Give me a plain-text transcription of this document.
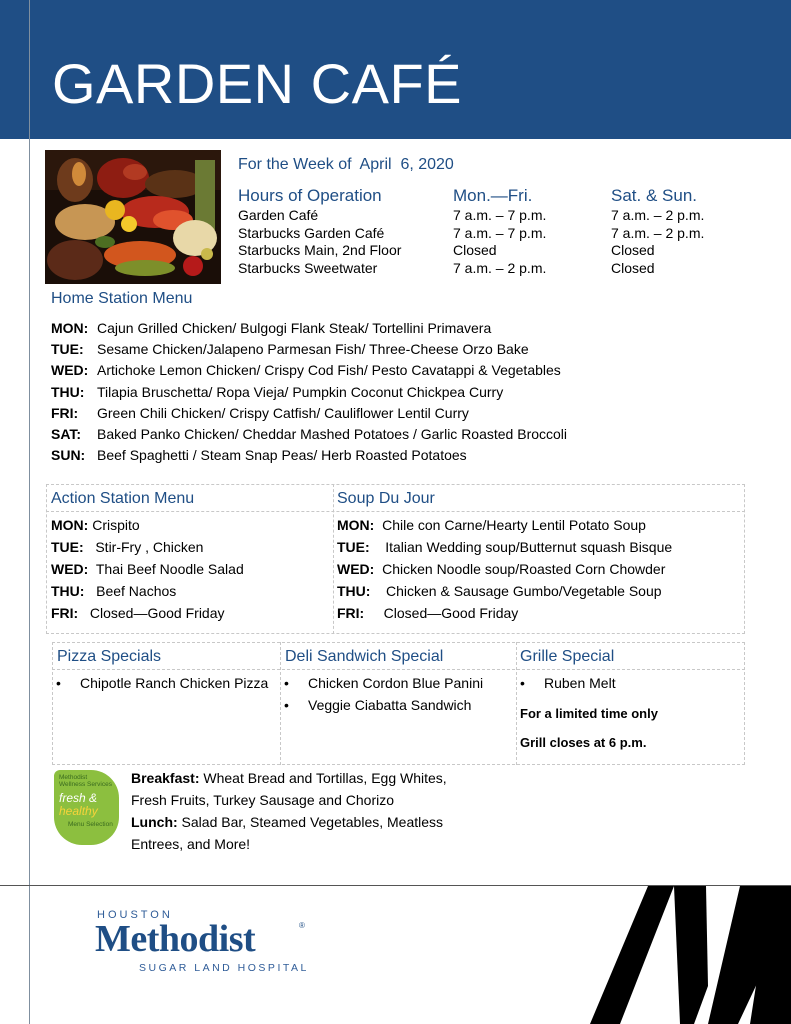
GARDEN CAFÉ
For the Week of  April  6, 2020
Hours of Operation	Mon.—Fri.	Sat. & Sun.
Garden Café
Starbucks Garden Café
Starbucks Main, 2nd Floor
Starbucks Sweetwater
7 a.m. – 7 p.m.
7 a.m. – 7 p.m.
Closed
7 a.m. – 2 p.m.
7 a.m. – 2 p.m.
7 a.m. – 2 p.m.
Closed
Closed
Home Station Menu
MON: Cajun Grilled Chicken/ Bulgogi Flank Steak/ Tortellini Primavera
TUE: Sesame Chicken/Jalapeno Parmesan Fish/ Three-Cheese Orzo Bake
WED: Artichoke Lemon Chicken/ Crispy Cod Fish/ Pesto Cavatappi & Vegetables
THU: Tilapia Bruschetta/ Ropa Vieja/ Pumpkin Coconut Chickpea Curry
FRI: Green Chili Chicken/ Crispy Catfish/ Cauliflower Lentil Curry
SAT: Baked Panko Chicken/ Cheddar Mashed Potatoes / Garlic Roasted Broccoli
SUN: Beef Spaghetti / Steam Snap Peas/ Herb Roasted Potatoes
Action Station Menu	Soup Du Jour
MON: Crispito
TUE:   Stir-Fry , Chicken
WED:  Thai Beef Noodle Salad
THU:   Beef Nachos
FRI:   Closed—Good Friday
MON:  Chile con Carne/Hearty Lentil Potato Soup
TUE:    Italian Wedding soup/Butternut squash Bisque
WED:  Chicken Noodle soup/Roasted Corn Chowder
THU:    Chicken & Sausage Gumbo/Vegetable Soup
FRI:     Closed—Good Friday
Pizza Specials	Deli Sandwich Special	Grille Special
• Chipotle Ranch Chicken Pizza
•	Chicken Cordon Blue Panini
• Veggie Ciabatta Sandwich
• Ruben Melt
For a limited time only
Grill closes at 6 p.m.
Methodist
Wellness Services
fresh &
healthy
Menu Selection
Breakfast: Wheat Bread and Tortillas, Egg Whites,
Fresh Fruits, Turkey Sausage and Chorizo
Lunch: Salad Bar, Steamed Vegetables, Meatless
Entrees, and More!
HOUSTON
Methodist	®
SUGAR LAND HOSPITAL
